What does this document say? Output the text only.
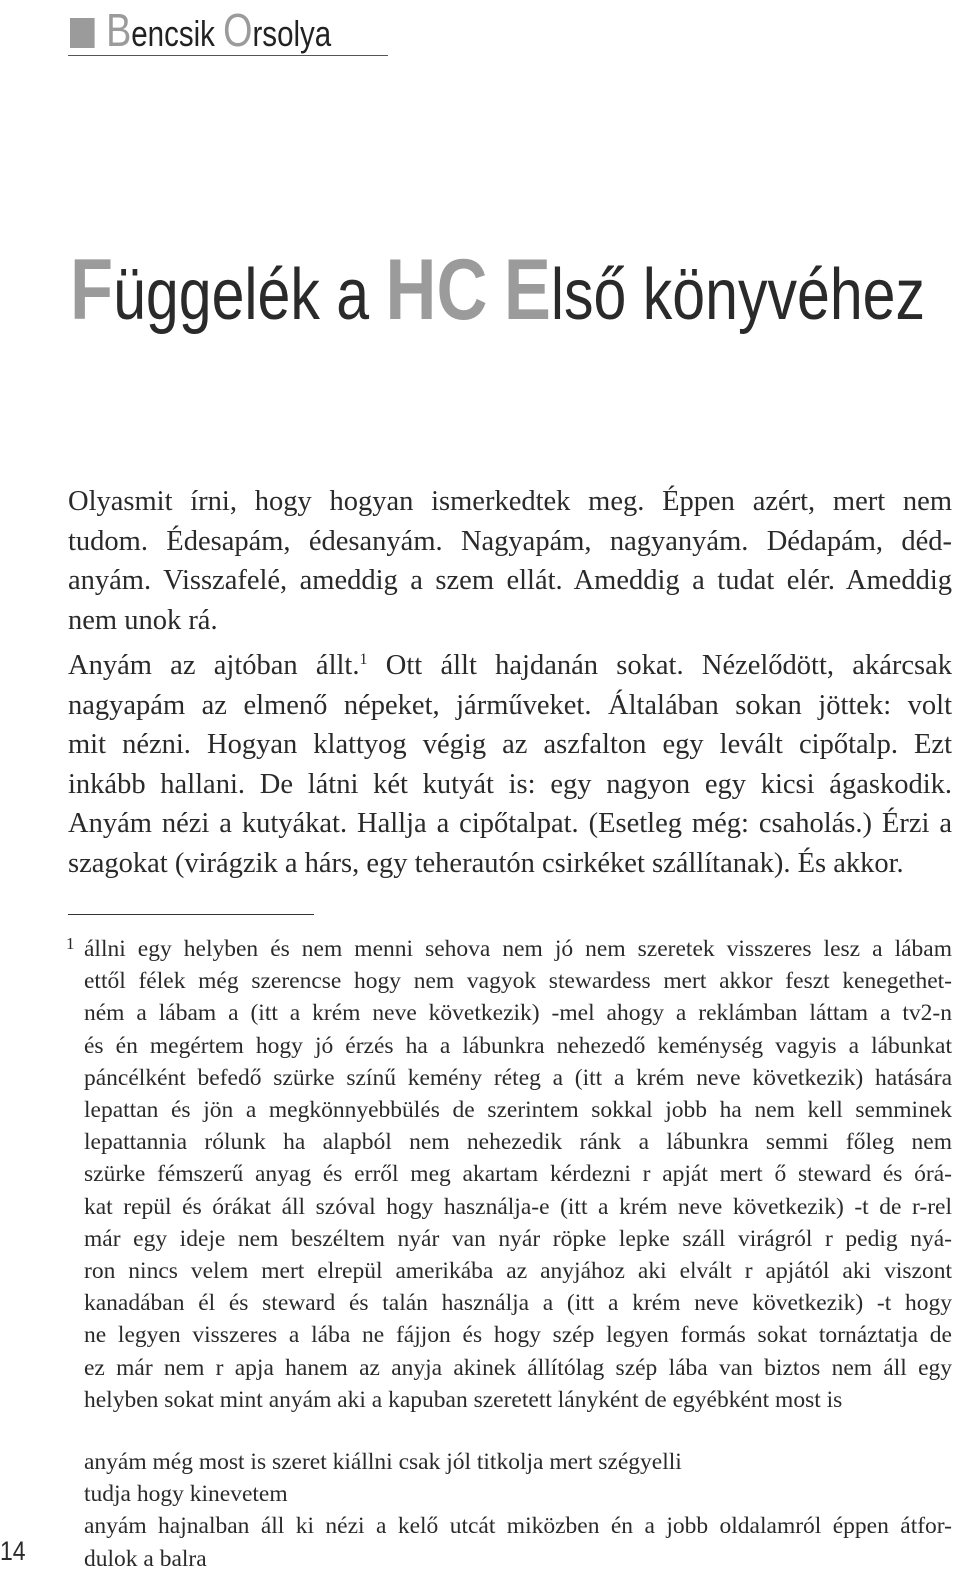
Bencsik Orsolya
Függelék a HC Első könyvéhez
Olyasmit írni, hogy hogyan ismerkedtek meg. Éppen azért, mert nem
tudom. Édesapám, édesanyám. Nagyapám, nagyanyám. Dédapám, déd-
anyám. Visszafelé, ameddig a szem ellát. Ameddig a tudat elér. Ameddig
nem unok rá.
Anyám az ajtóban állt.$^1$ Ott állt hajdanán sokat. Nézelődött, akárcsak
nagyapám az elmenő népeket, járműveket. Általában sokan jöttek: volt
mit nézni. Hogyan klattyog végig az aszfalton egy levált cipőtalp. Ezt
inkább hallani. De látni két kutyát is: egy nagyon egy kicsi ágaskodik.
Anyám nézi a kutyákat. Hallja a cipőtalpat. (Esetleg még: csaholás.) Érzi a
szagokat (virágzik a hárs, egy teherautón csirkéket szállítanak). És akkor.
1 állni egy helyben és nem menni sehova nem jó nem szeretek visszeres lesz a lábam
ettől félek még szerencse hogy nem vagyok stewardess mert akkor feszt kenegethet-
ném a lábam a (itt a krém neve következik) -mel ahogy a reklámban láttam a tv2-n
és én megértem hogy jó érzés ha a lábunkra nehezedő keménység vagyis a lábunkat
páncélként befedő szürke színű kemény réteg a (itt a krém neve következik) hatására
lepattan és jön a megkönnyebbülés de szerintem sokkal jobb ha nem kell semminek
lepattannia rólunk ha alapból nem nehezedik ránk a lábunkra semmi főleg nem
szürke fémszerű anyag és erről meg akartam kérdezni r apját mert ő steward és órá-
kat repül és órákat áll szóval hogy használja-e (itt a krém neve következik) -t de r-rel
már egy ideje nem beszéltem nyár van nyár röpke lepke száll virágról r pedig nyá-
ron nincs velem mert elrepül amerikába az anyjához aki elvált r apjától aki viszont
kanadában él és steward és talán használja a (itt a krém neve következik) -t hogy
ne legyen visszeres a lába ne fájjon és hogy szép legyen formás sokat tornáztatja de
ez már nem r apja hanem az anyja akinek állítólag szép lába van biztos nem áll egy
helyben sokat mint anyám aki a kapuban szeretett lányként de egyébként most is
anyám még most is szeret kiállni csak jól titkolja mert szégyelli
tudja hogy kinevetem
anyám hajnalban áll ki nézi a kelő utcát miközben én a jobb oldalamról éppen átfor-
dulok a balra
14
